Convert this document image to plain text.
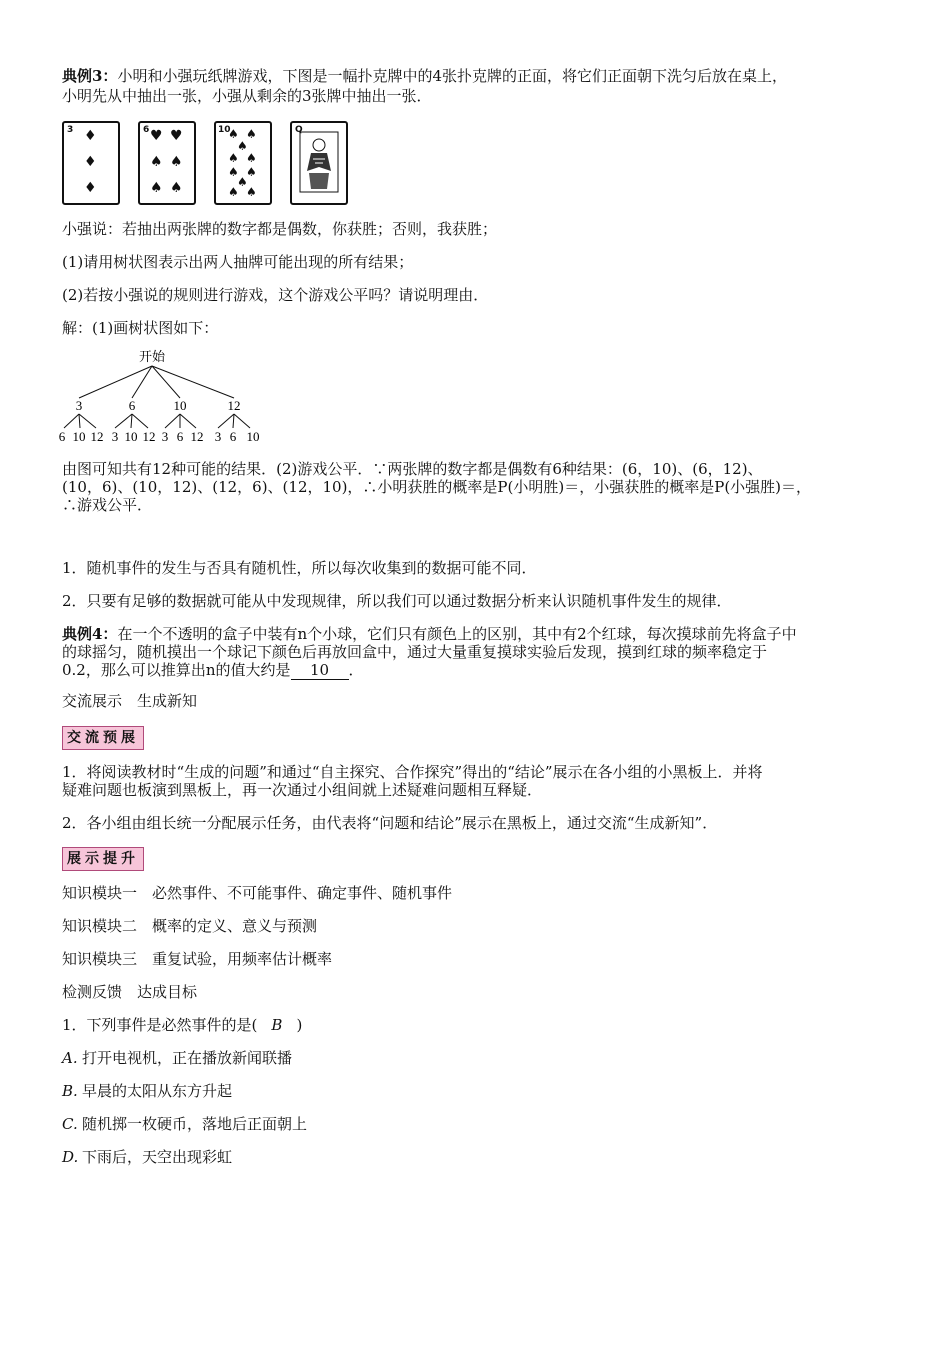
典例3：小明和小强玩纸牌游戏，下图是一幅扑克牌中的4张扑克牌的正面，将它们正面朝下洗匀后放在桌上，
小明先从中抽出一张，小强从剩余的3张牌中抽出一张．
3 ♦
♦
♦
6 ♥ ♥
♠ ♠
♠ ♠
10
♠ ♠
♠
♠ ♠
♠ ♠
♠
♠ ♠
Q
小强说：若抽出两张牌的数字都是偶数，你获胜；否则，我获胜；
(1)请用树状图表示出两人抽牌可能出现的所有结果；
(2)若按小强说的规则进行游戏，这个游戏公平吗？请说明理由．
解：(1)画树状图如下：
开始
3	6	10	12
6 10 12 3 10 12 3 6 12 3 6 10
由图可知共有12种可能的结果．(2)游戏公平．∵两张牌的数字都是偶数有6种结果：(6，10)、(6，12)、
(10，6)、(10，12)、(12，6)、(12，10)，∴小明获胜的概率是P(小明胜)＝，小强获胜的概率是P(小强胜)＝，
∴游戏公平．
1．随机事件的发生与否具有随机性，所以每次收集到的数据可能不同．
2．只要有足够的数据就可能从中发现规律，所以我们可以通过数据分析来认识随机事件发生的规律．
典例4：在一个不透明的盒子中装有n个小球，它们只有颜色上的区别，其中有2个红球，每次摸球前先将盒子中
的球摇匀，随机摸出一个球记下颜色后再放回盒中，通过大量重复摸球实验后发现，摸到红球的频率稳定于
0.2，那么可以推算出n的值大约是 10 ．
交流展示　生成新知
交流预展
1．将阅读教材时“生成的问题”和通过“自主探究、合作探究”得出的“结论”展示在各小组的小黑板上．并将
疑难问题也板演到黑板上，再一次通过小组间就上述疑难问题相互释疑．
2．各小组由组长统一分配展示任务，由代表将“问题和结论”展示在黑板上，通过交流“生成新知”．
展示提升
知识模块一　必然事件、不可能事件、确定事件、随机事件
知识模块二　概率的定义、意义与预测
知识模块三　重复试验，用频率估计概率
检测反馈　达成目标
1．下列事件是必然事件的是( B )
A. 打开电视机，正在播放新闻联播
B. 早晨的太阳从东方升起
C. 随机掷一枚硬币，落地后正面朝上
D. 下雨后，天空出现彩虹
